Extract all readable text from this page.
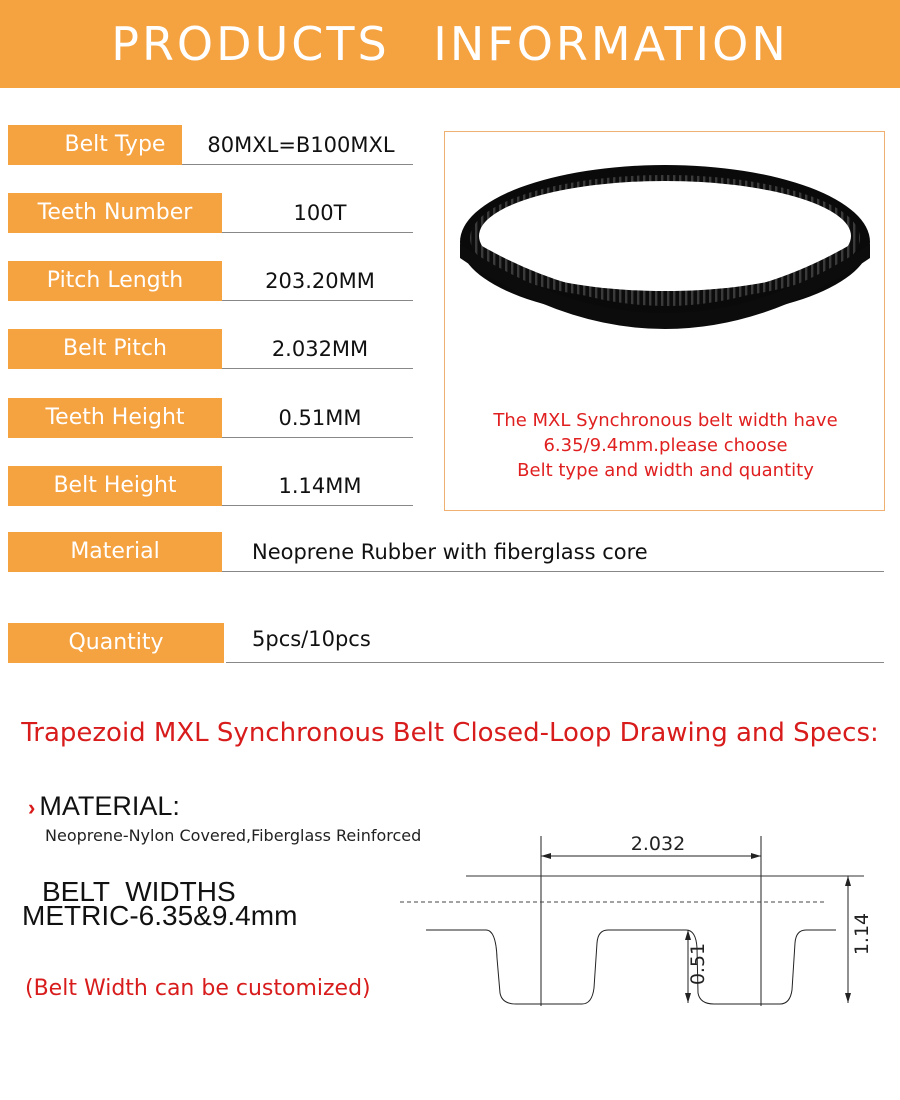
PRODUCTS INFORMATION
Belt Type	80MXL=B100MXL
Teeth Number	100T
Pitch Length	203.20MM
Belt Pitch	2.032MM
Teeth Height	0.51MM
Belt Height	1.14MM
Material	Neoprene Rubber with fiberglass core
Quantity	5pcs/10pcs
The MXL Synchronous belt width have
6.35/9.4mm.please choose
Belt type and width and quantity
Trapezoid MXL Synchronous Belt Closed-Loop Drawing and Specs:
› MATERIAL:
Neoprene-Nylon Covered,Fiberglass Reinforced
BELT WIDTHS
METRIC-6.35&9.4mm
(Belt Width can be customized)
2.032
1.14
0.51
